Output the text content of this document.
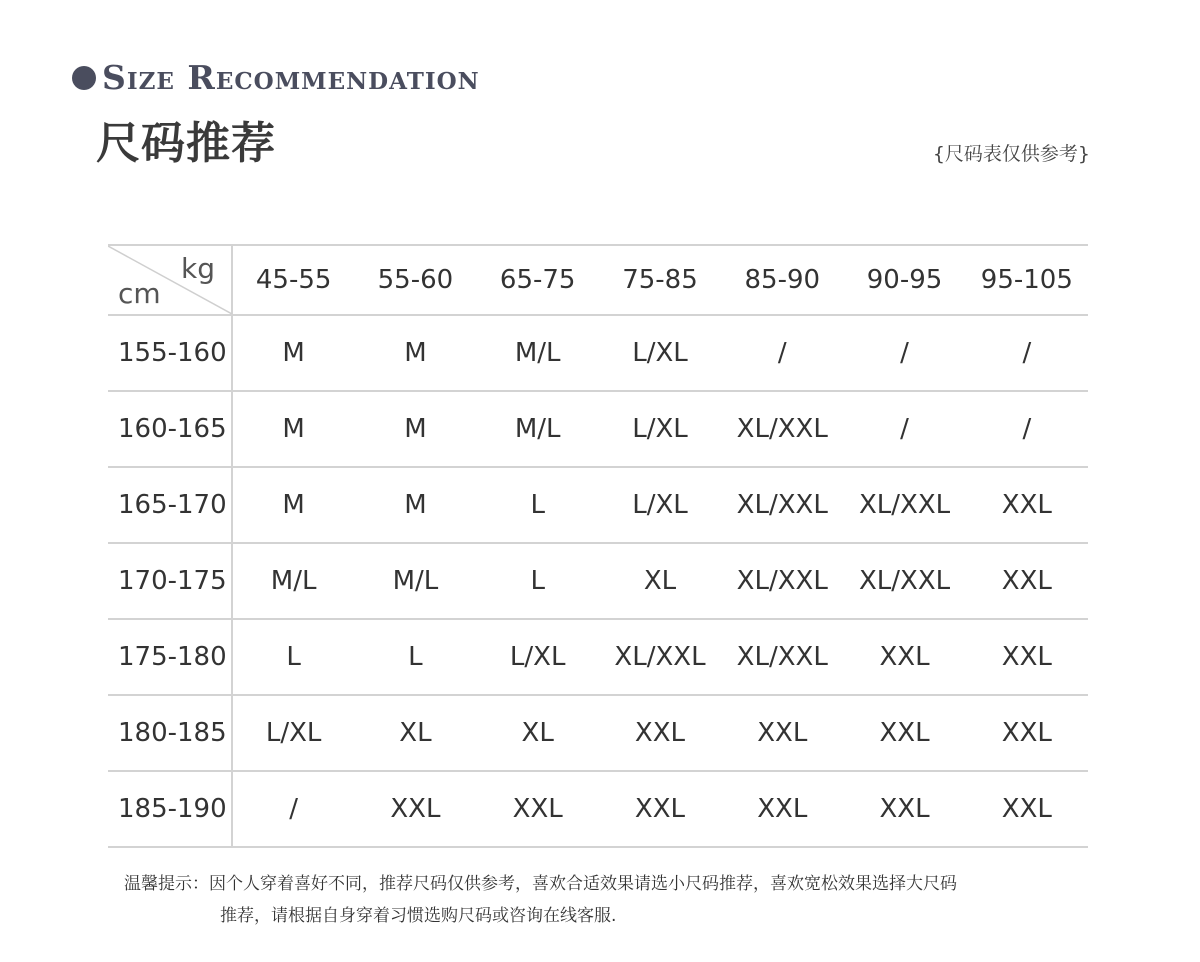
Size Recommendation
尺码推荐	{尺码表仅供参考}
kg
cm	45-55	55-60	65-75	75-85	85-90	90-95	95-105
155-160	M	M	M/L	L/XL	/	/	/
160-165	M	M	M/L	L/XL	XL/XXL	/	/
165-170	M	M	L	L/XL	XL/XXL	XL/XXL	XXL
170-175	M/L	M/L	L	XL	XL/XXL	XL/XXL	XXL
175-180	L	L	L/XL	XL/XXL	XL/XXL	XXL	XXL
180-185	L/XL	XL	XL	XXL	XXL	XXL	XXL
185-190	/	XXL	XXL	XXL	XXL	XXL	XXL
温馨提示：因个人穿着喜好不同，推荐尺码仅供参考，喜欢合适效果请选小尺码推荐，喜欢宽松效果选择大尺码
推荐，请根据自身穿着习惯选购尺码或咨询在线客服.
